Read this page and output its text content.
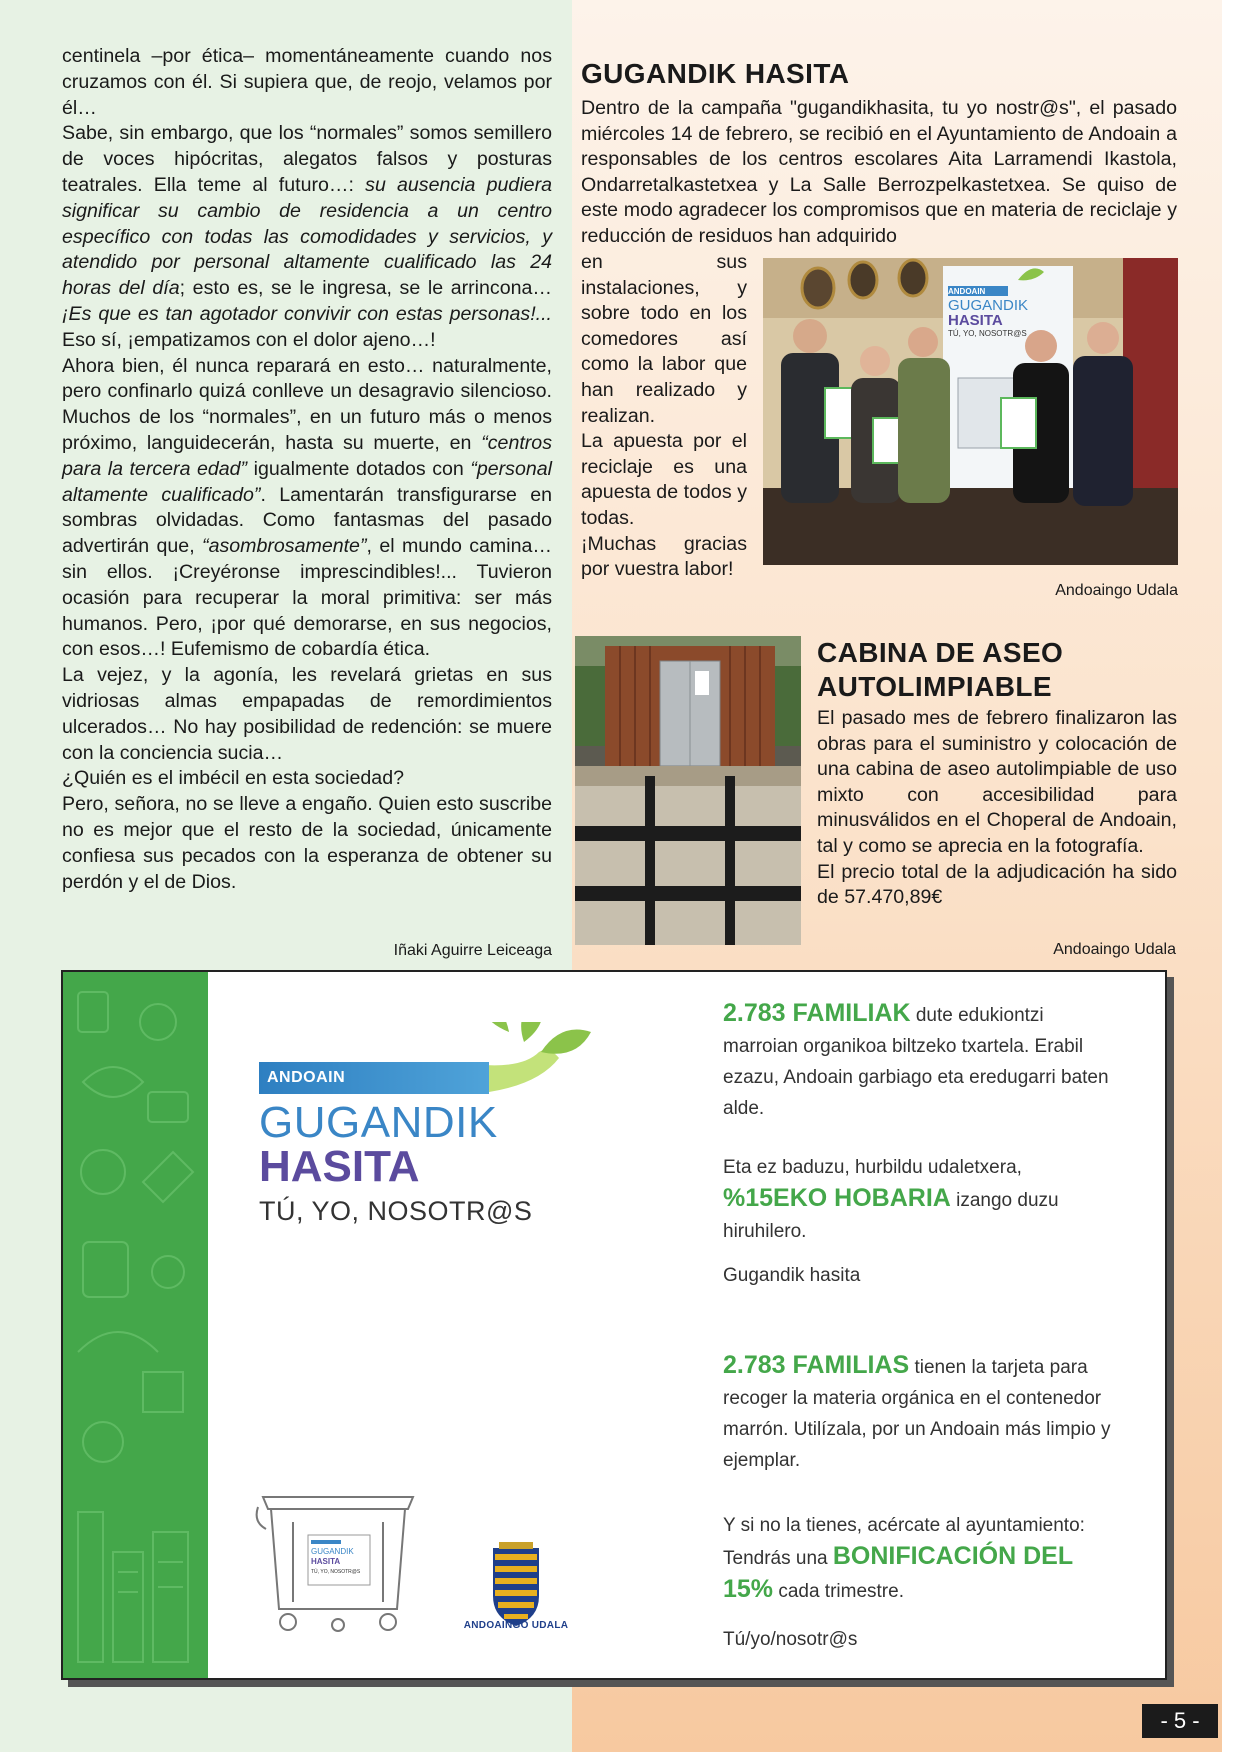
centinela –por ética– momentáneamente cuando nos cruzamos con él. Si supiera que, de reojo, velamos por él…

Sabe, sin embargo, que los “normales” somos semillero de voces hipócritas, alegatos falsos y posturas teatrales. Ella teme al futuro…: su ausencia pudiera significar su cambio de residencia a un centro específico con todas las comodidades y servicios, y atendido por personal altamente cualificado las 24 horas del día; esto es, se le ingresa, se le arrincona… ¡Es que es tan agotador convivir con estas personas!... Eso sí, ¡empatizamos con el dolor ajeno…!

Ahora bien, él nunca reparará en esto… naturalmente, pero confinarlo quizá conlleve un desagravio silencioso. Muchos de los “normales”, en un futuro más o menos próximo, languidecerán, hasta su muerte, en “centros para la tercera edad” igualmente dotados con “personal altamente cualificado”. Lamentarán transfigurarse en sombras olvidadas. Como fantasmas del pasado advertirán que, “asombrosamente”, el mundo camina… sin ellos. ¡Creyéronse imprescindibles!... Tuvieron ocasión para recuperar la moral primitiva: ser más humanos. Pero, ¡por qué demorarse, en sus negocios, con esos…! Eufemismo de cobardía ética.

La vejez, y la agonía, les revelará grietas en sus vidriosas almas empapadas de remordimientos ulcerados… No hay posibilidad de redención: se muere con la conciencia sucia…

¿Quién es el imbécil en esta sociedad?

Pero, señora, no se lleve a engaño. Quien esto suscribe no es mejor que el resto de la sociedad, únicamente confiesa sus pecados con la esperanza de obtener su perdón y el de Dios.

Iñaki Aguirre Leiceaga
GUGANDIK HASITA
Dentro de la campaña "gugandikhasita, tu yo nostr@s", el pasado miércoles 14 de febrero, se recibió en el Ayuntamiento de Andoain a responsables de los centros escolares Aita Larramendi Ikastola, Ondarretalkastetxea y La Salle Berrozpelkastetxea. Se quiso de este modo agradecer los compromisos que en materia de reciclaje y reducción de residuos han adquirido

en sus instalaciones, y sobre todo en los comedores así como la labor que han realizado y realizan.

La apuesta por el reciclaje es una apuesta de todos y todas.

¡Muchas gracias por vuestra labor!

ANDOAIN
GUGANDIK
HASITA
TÚ, YO, NOSOTR@S
Andoaingo Udala
CABINA DE ASEO
AUTOLIMPIABLE

El pasado mes de febrero finalizaron las obras para el suministro y colocación de una cabina de aseo autolimpiable de uso mixto con accesibilidad para minusválidos en el Choperal de Andoain, tal y como se aprecia en la fotografía.

El precio total de la adjudicación ha sido de 57.470,89€

Andoaingo Udala
ANDOAIN
GUGANDIK
HASITA
TÚ, YO, NOSOTR@S
GUGANDIK
HASITA
TÚ, YO, NOSOTR@S
ANDOAINGO UDALA
2.783 FAMILIAK dute edukiontzi marroian organikoa biltzeko txartela. Erabil ezazu, Andoain garbiago eta eredugarri baten alde.
Eta ez baduzu, hurbildu udaletxera,
%15EKO HOBARIA izango duzu hiruhilero.
Gugandik hasita
2.783 FAMILIAS tienen la tarjeta para recoger la materia orgánica en el contenedor marrón. Utilízala, por un Andoain más limpio y ejemplar.
Y si no la tienes, acércate al ayuntamiento: Tendrás una BONIFICACIÓN DEL 15% cada trimestre.
Tú/yo/nosotr@s
- 5 -
